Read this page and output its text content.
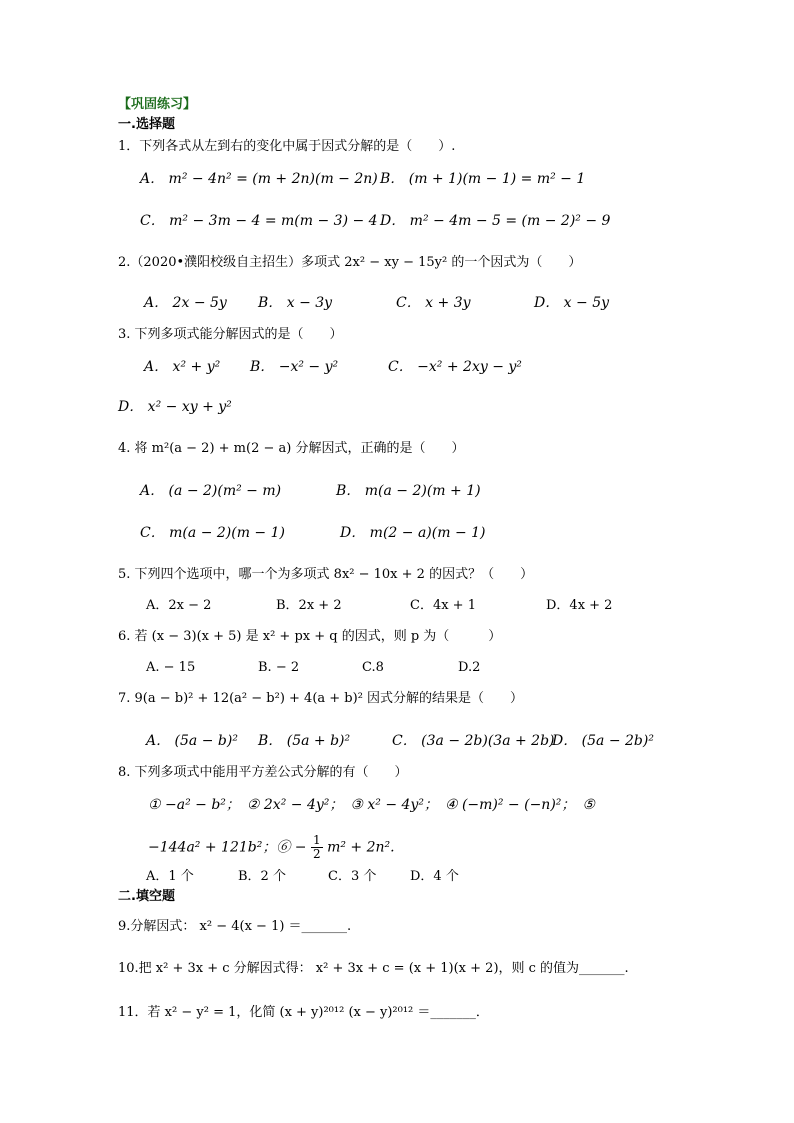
【巩固练习】
一.选择题
1．下列各式从左到右的变化中属于因式分解的是（　　）.
A． m² − 4n² = (m + 2n)(m − 2n) B． (m + 1)(m − 1) = m² − 1
C． m² − 3m − 4 = m(m − 3) − 4 D． m² − 4m − 5 = (m − 2)² − 9
2.（2020•濮阳校级自主招生）多项式 2x² − xy − 15y² 的一个因式为（　　）
A． 2x − 5y B． x − 3y	C． x + 3y	D． x − 5y
3. 下列多项式能分解因式的是（　　）
A． x² + y² B． −x² − y²	C． −x² + 2xy − y²
D． x² − xy + y²
4. 将 m²(a − 2) + m(2 − a) 分解因式，正确的是（　　）
A． (a − 2)(m² − m)	B． m(a − 2)(m + 1)
C． m(a − 2)(m − 1)	D． m(2 − a)(m − 1)
5. 下列四个选项中，哪一个为多项式 8x² − 10x + 2 的因式？（　　）
A．2x − 2	B．2x + 2	C．4x + 1	D．4x + 2
6. 若 (x − 3)(x + 5) 是 x² + px + q 的因式，则 p 为（　　　）
A. − 15	B. − 2	C.8	D.2
7. 9(a − b)² + 12(a² − b²) + 4(a + b)² 因式分解的结果是（　　）
A． (5a − b)² B． (5a + b)²	C． (3a − 2b)(3a + 2b)
D． (5a − 2b)²
8. 下列多项式中能用平方差公式分解的有（　　）
① −a² − b²；　② 2x² − 4y²；　③ x² − 4y²；　④ (−m)² − (−n)²；　⑤
−144a² + 121b²；⑥ − $\frac{1}{2} m^2 + 2n^2$.
A．1 个	B．2 个	C．3 个	D．4 个
二.填空题
9.分解因式： x² − 4(x − 1) ＝_______.
10.把 x² + 3x + c 分解因式得： x² + 3x + c = (x + 1)(x + 2)，则 c 的值为_______.
11．若 x² − y² = 1，化简 (x + y)²⁰¹² (x − y)²⁰¹² ＝_______．
